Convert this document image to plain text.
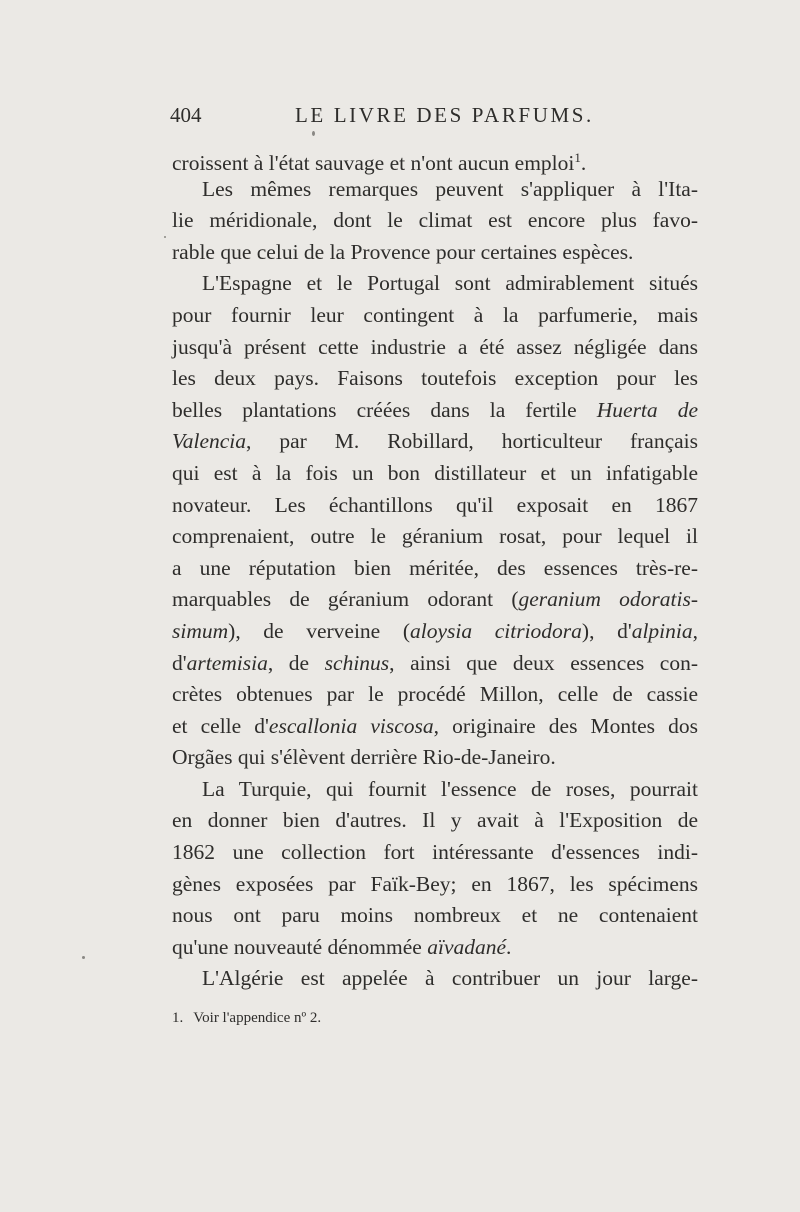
404	LE LIVRE DES PARFUMS.
croissent à l'état sauvage et n'ont aucun emploi$^1$.
Les mêmes remarques peuvent s'appliquer à l'Ita-
lie méridionale, dont le climat est encore plus favo-
rable que celui de la Provence pour certaines espèces.
L'Espagne et le Portugal sont admirablement situés
pour fournir leur contingent à la parfumerie, mais
jusqu'à présent cette industrie a été assez négligée dans
les deux pays. Faisons toutefois exception pour les
belles plantations créées dans la fertile Huerta de
Valencia, par M. Robillard, horticulteur français
qui est à la fois un bon distillateur et un infatigable
novateur. Les échantillons qu'il exposait en 1867
comprenaient, outre le géranium rosat, pour lequel il
a une réputation bien méritée, des essences très-re-
marquables de géranium odorant (geranium odoratis-
simum), de verveine (aloysia citriodora), d'alpinia,
d'artemisia, de schinus, ainsi que deux essences con-
crètes obtenues par le procédé Millon, celle de cassie
et celle d'escallonia viscosa, originaire des Montes dos
Orgães qui s'élèvent derrière Rio-de-Janeiro.
La Turquie, qui fournit l'essence de roses, pourrait
en donner bien d'autres. Il y avait à l'Exposition de
1862 une collection fort intéressante d'essences indi-
gènes exposées par Faïk-Bey; en 1867, les spécimens
nous ont paru moins nombreux et ne contenaient
qu'une nouveauté dénommée aïvadané.
L'Algérie est appelée à contribuer un jour large-
1. Voir l'appendice nº 2.
